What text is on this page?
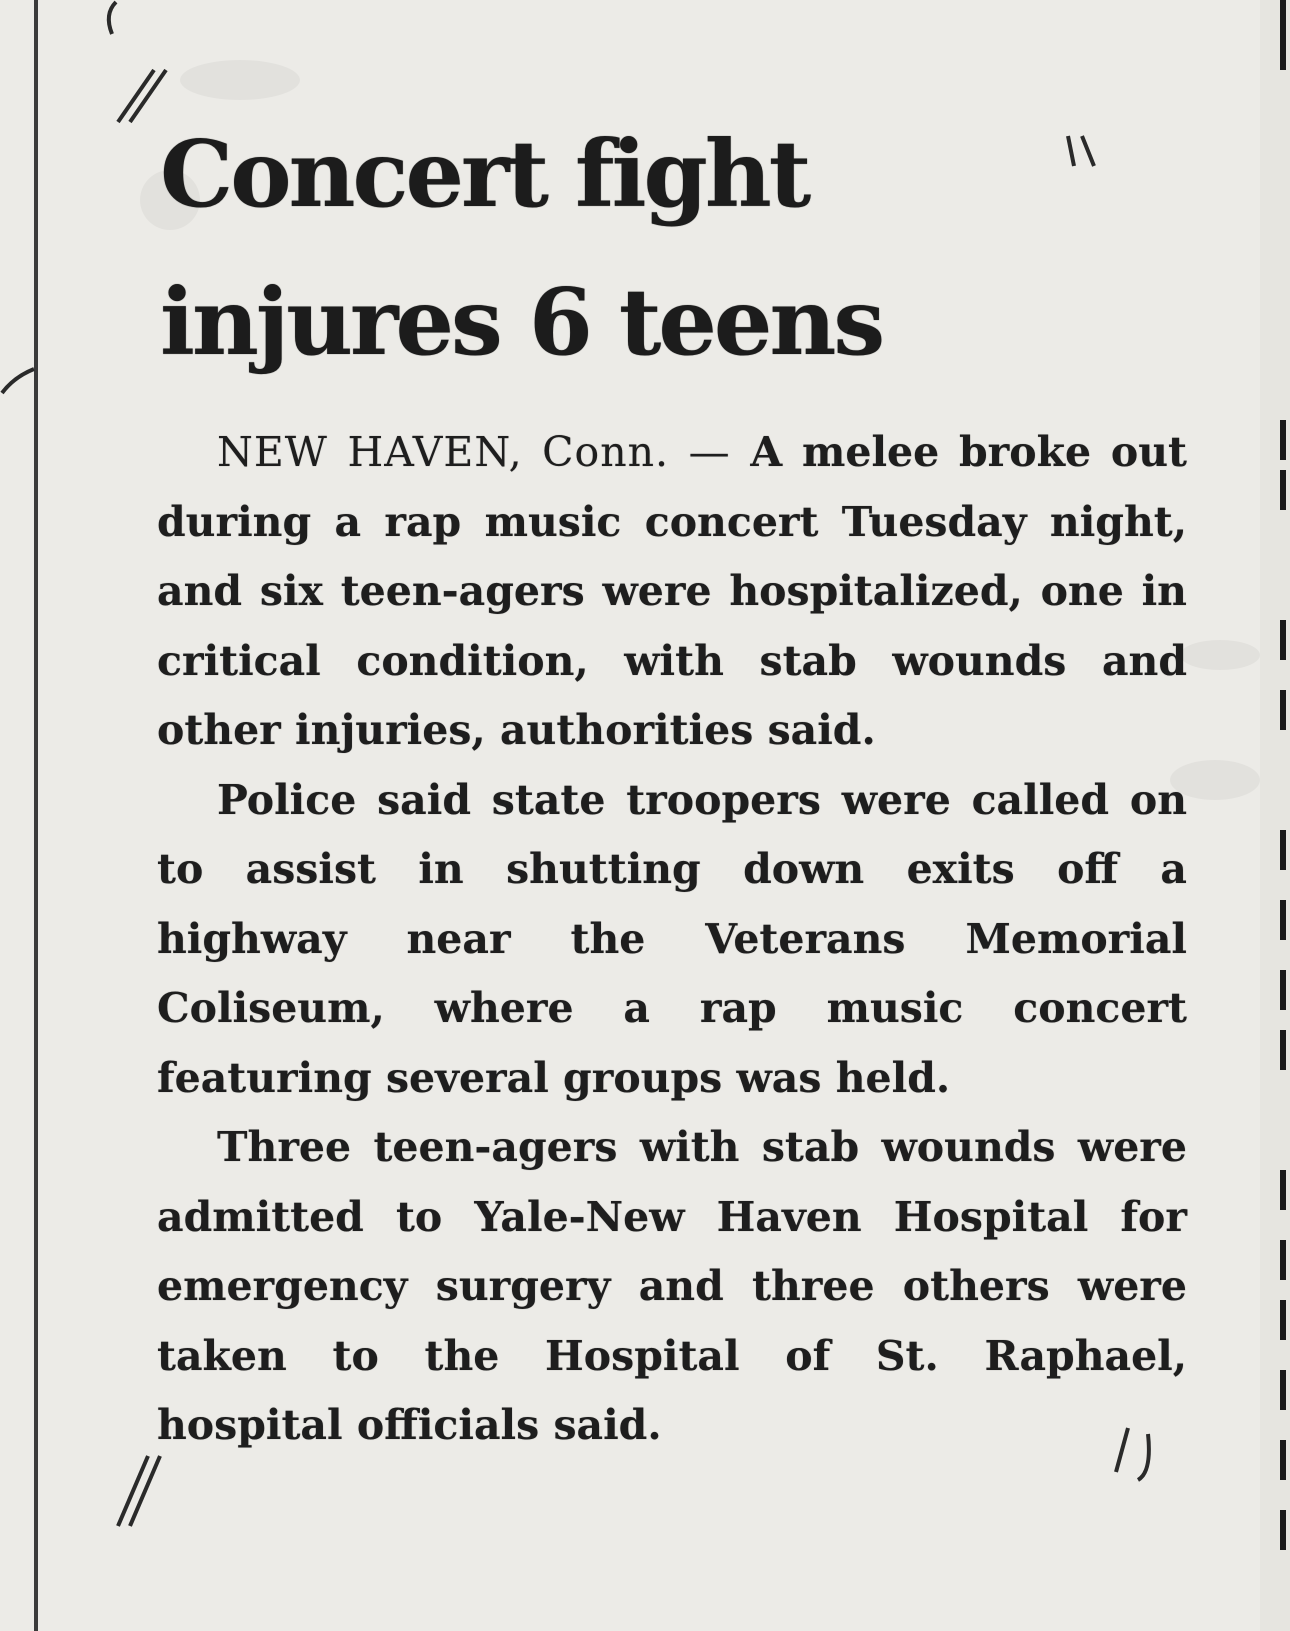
Concert fight
injures 6 teens

NEW HAVEN, Conn. — A melee broke out during a rap music concert Tuesday night, and six teen-agers were hospitalized, one in critical condition, with stab wounds and other injuries, authorities said.

Police said state troopers were called on to assist in shutting down exits off a highway near the Veterans Memorial Coliseum, where a rap music concert featuring several groups was held.

Three teen-agers with stab wounds were admitted to Yale-New Haven Hospital for emergency surgery and three others were taken to the Hospital of St. Raphael, hospital officials said.
